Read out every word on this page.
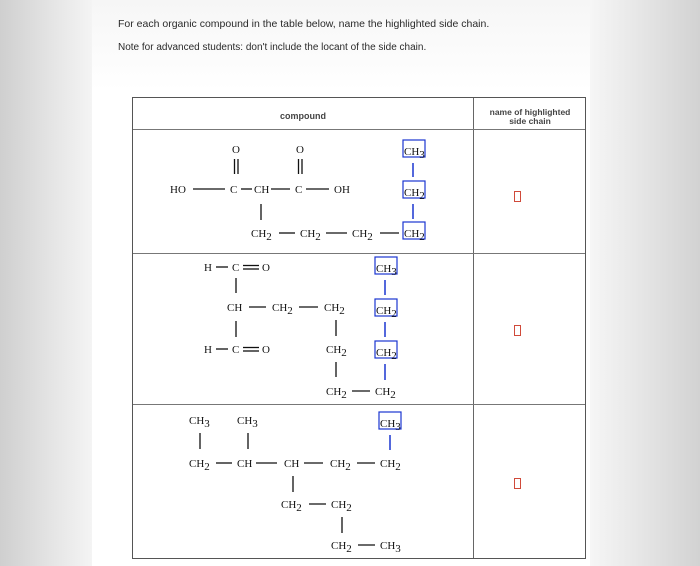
For each organic compound in the table below, name the highlighted side chain.
Note for advanced students: don't include the locant of the side chain.
compound	name of highlighted
side chain
O	O
HO	C CH C	OH
CH2	CH2	CH2	CH2
CH3
CH2
H C O
CH	CH2	CH2
H C O	CH2
CH2	CH2
CH3
CH2
CH2
CH3 CH3
CH2 CH	CH	CH2	CH2
CH2	CH2
CH2	CH3
CH3
